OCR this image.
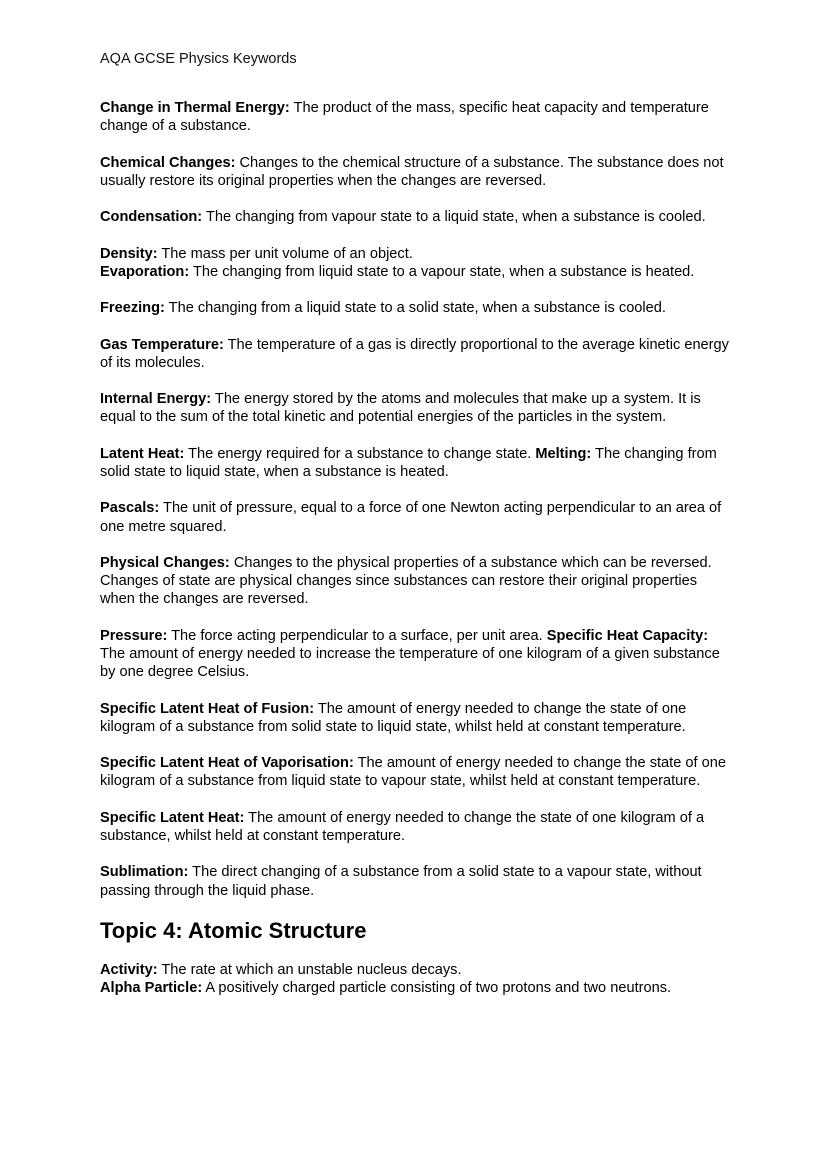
AQA GCSE Physics Keywords

Change in Thermal Energy: The product of the mass, specific heat capacity and temperature change of a substance.

Chemical Changes: Changes to the chemical structure of a substance. The substance does not usually restore its original properties when the changes are reversed.

Condensation: The changing from vapour state to a liquid state, when a substance is cooled.

Density: The mass per unit volume of an object.

Evaporation: The changing from liquid state to a vapour state, when a substance is heated.

Freezing: The changing from a liquid state to a solid state, when a substance is cooled.

Gas Temperature: The temperature of a gas is directly proportional to the average kinetic energy of its molecules.

Internal Energy: The energy stored by the atoms and molecules that make up a system. It is equal to the sum of the total kinetic and potential energies of the particles in the system.

Latent Heat: The energy required for a substance to change state. Melting: The changing from solid state to liquid state, when a substance is heated.

Pascals: The unit of pressure, equal to a force of one Newton acting perpendicular to an area of one metre squared.

Physical Changes: Changes to the physical properties of a substance which can be reversed. Changes of state are physical changes since substances can restore their original properties when the changes are reversed.

Pressure: The force acting perpendicular to a surface, per unit area. Specific Heat Capacity: The amount of energy needed to increase the temperature of one kilogram of a given substance by one degree Celsius.

Specific Latent Heat of Fusion: The amount of energy needed to change the state of one kilogram of a substance from solid state to liquid state, whilst held at constant temperature.

Specific Latent Heat of Vaporisation: The amount of energy needed to change the state of one kilogram of a substance from liquid state to vapour state, whilst held at constant temperature.

Specific Latent Heat: The amount of energy needed to change the state of one kilogram of a substance, whilst held at constant temperature.

Sublimation: The direct changing of a substance from a solid state to a vapour state, without passing through the liquid phase.

Topic 4: Atomic Structure

Activity: The rate at which an unstable nucleus decays.

Alpha Particle: A positively charged particle consisting of two protons and two neutrons.
